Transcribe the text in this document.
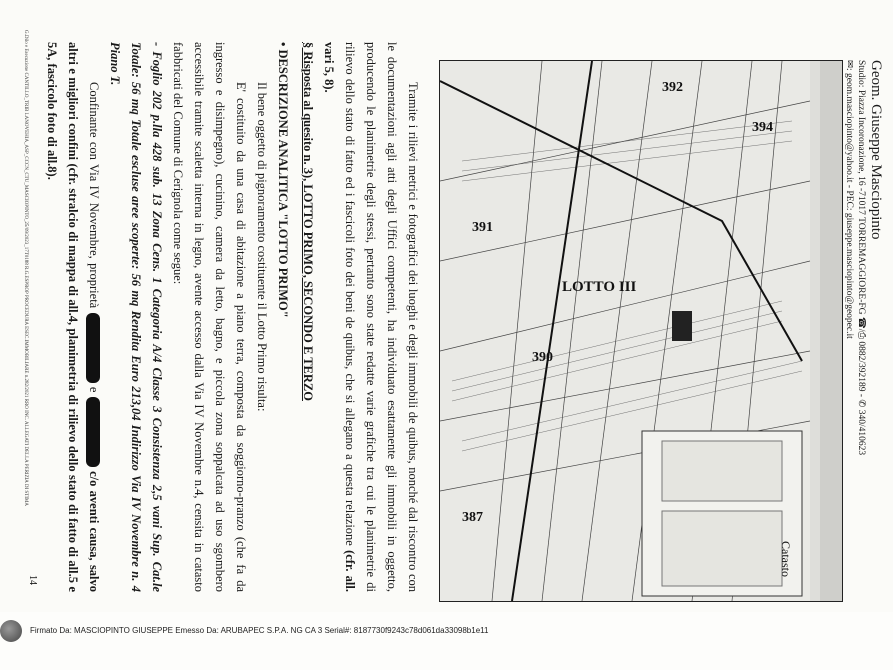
Geom. Giuseppe Masciopinto
Studio: Piazza Incoronazione, 16 -71017 TORREMAGGIORE-FG ☎/⎙ 0882/392189 - ✆ 340/410623
✉: geom.masciopinto@yahoo.it - PEC: giuseppe.masciopinto@geopec.it
394
392
391
390
387
LOTTO III
Catasto

Tramite i rilievi metrici e fotografici dei luoghi e degli immobili de quibus, nonché dal riscontro con le documentazioni agli atti degli Uffici competenti, ha individuato esattamente gli immobili in oggetto, producendo le planimetrie degli stessi, pertanto sono state redatte varie grafiche tra cui le planimetrie di rilievo dello stato di fatto ed i fascicoli foto dei beni de quibus, che si allegano a questa relazione (cfr. all. vari 5, 8).

§ Risposta al quesito n. 3), LOTTO PRIMO, SECONDO E TERZO

• DESCRIZIONE ANALITICA "LOTTO PRIMO"

Il bene oggetto di pignoramento costituente il Lotto Primo risulta:

E' costituito da una casa di abitazione a piano terra, composta da soggiorno-pranzo (che fa da ingresso e disimpegno), cucinino, camera da letto, bagno, e piccola zona soppalcata ad uso sgombero accessibile tramite scaletta interna in legno, avente accesso dalla Via IV Novembre n.4, censita in catasto fabbricati del Comune di Cerignola come segue:

- Foglio 202 p.lla 428 sub. 13 Zona Cens. 1 Categoria A/4 Classe 3 Consistenza 2,5 vani Sup. Cat.le Totale: 56 mq Totale escluse aree scoperte: 56 mq Rendita Euro 213,04 Indirizzo Via IV Novembre n. 4 Piano T.

Confinante con Via IV Novembre, proprietà  e  c/o aventi causa, salvo altri e migliori confini (cfr. stralcio di mappa di all.4, planimetria di rilievo dello stato di fatto di all.5 e 5A, fascicolo foto di all.8).

G.Dilo e Esecuzione CANTILLO_TRIB LANOVEHIA_ASP_CCCN_CTU_MASCIOPINTO_25/09/2023_17T0188 R.G.ESPROP PROCEDURA ESEC.IMMOBILIARE n.282/2021 RRO INC. ALLEGATI DELLA PERIZIA DI STIMA
14
Firmato Da: MASCIOPINTO GIUSEPPE Emesso Da: ARUBAPEC S.P.A. NG CA 3 Serial#: 8187730f9243c78d061da33098b1e11
